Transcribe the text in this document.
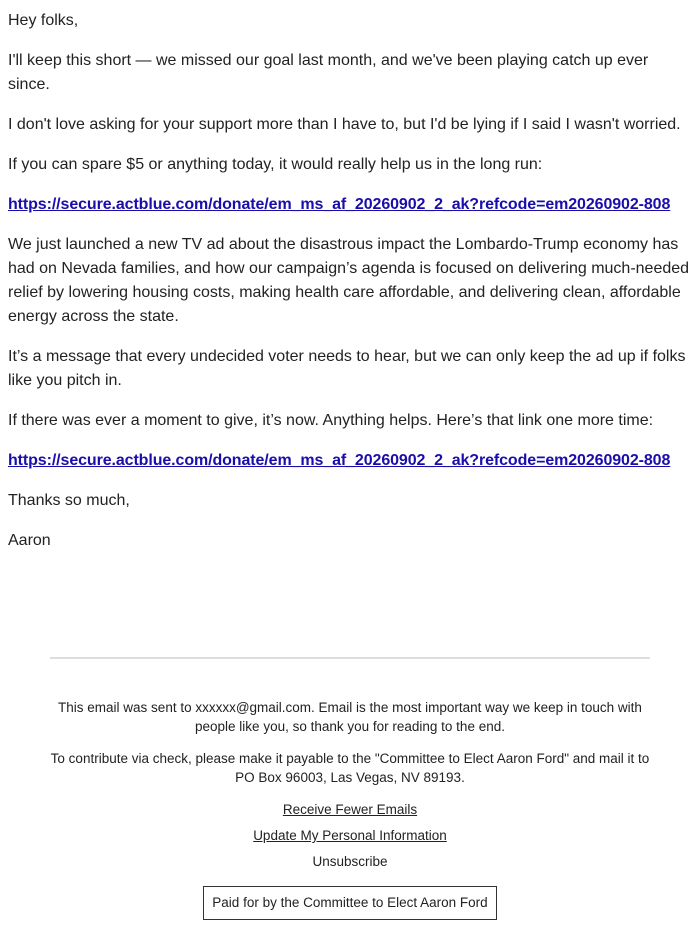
Hey folks,

I'll keep this short — we missed our goal last month, and we've been playing catch up ever since.

I don't love asking for your support more than I have to, but I'd be lying if I said I wasn't worried.

If you can spare $5 or anything today, it would really help us in the long run:

https://secure.actblue.com/donate/em_ms_af_20260902_2_ak?refcode=em20260902-808

We just launched a new TV ad about the disastrous impact the Lombardo-Trump economy has had on Nevada families, and how our campaign’s agenda is focused on delivering much-needed relief by lowering housing costs, making health care affordable, and delivering clean, affordable energy across the state.

It’s a message that every undecided voter needs to hear, but we can only keep the ad up if folks like you pitch in.

If there was ever a moment to give, it’s now. Anything helps. Here’s that link one more time:

https://secure.actblue.com/donate/em_ms_af_20260902_2_ak?refcode=em20260902-808

Thanks so much,

Aaron

This email was sent to xxxxxx@gmail.com. Email is the most important way we keep in touch with people like you, so thank you for reading to the end.

To contribute via check, please make it payable to the "Committee to Elect Aaron Ford" and mail it to PO Box 96003, Las Vegas, NV 89193.

Receive Fewer Emails
Update My Personal Information
Unsubscribe
Paid for by the Committee to Elect Aaron Ford
